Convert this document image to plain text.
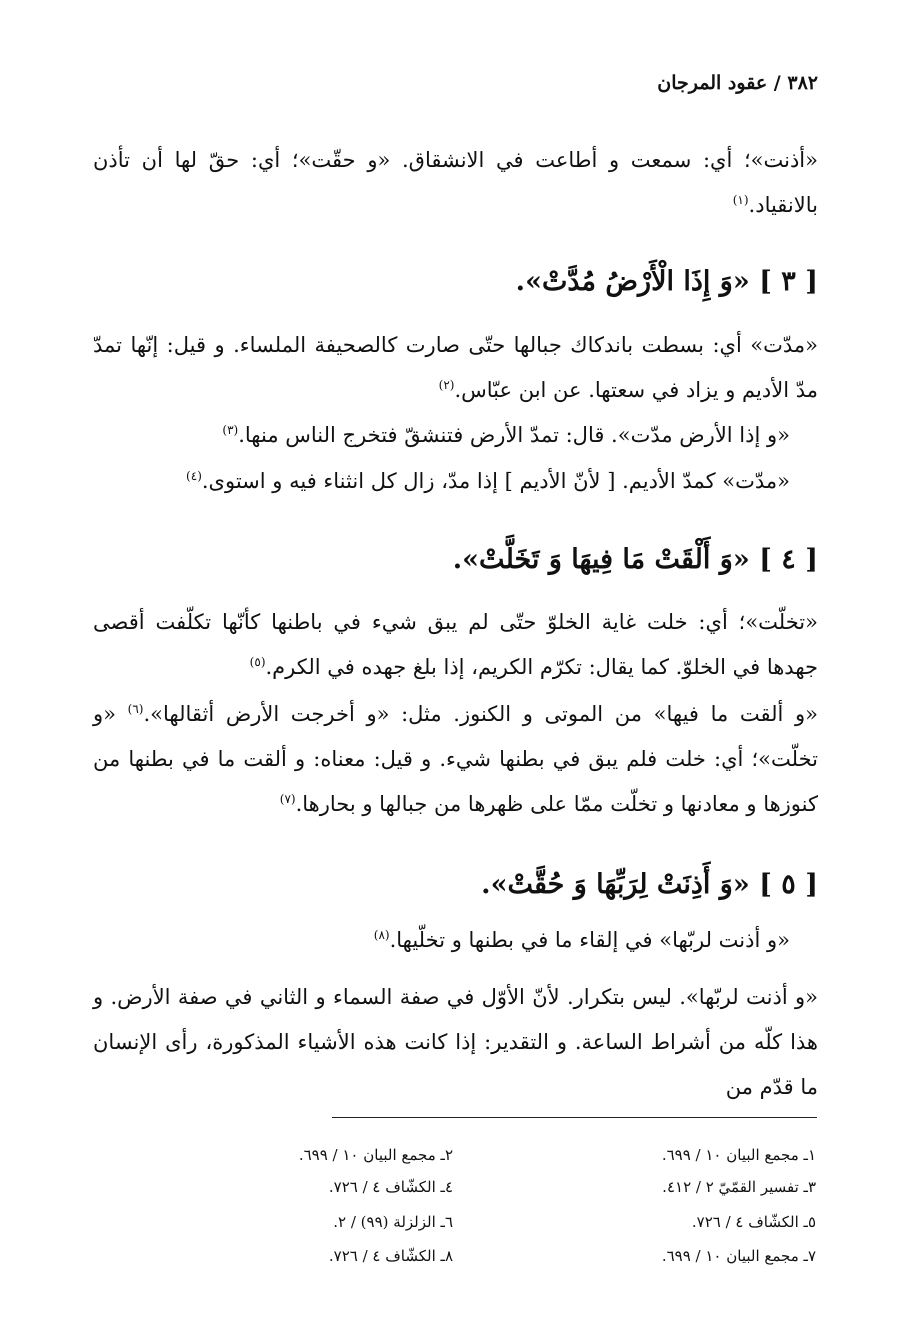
٣٨٢ / عقود المرجان

«أذنت»؛ أي: سمعت و أطاعت في الانشقاق. «و حقّت»؛ أي: حقّ لها أن تأذن بالانقياد.$^{(١)}$

[ ٣ ] «وَ إِذَا الْأَرْضُ مُدَّتْ».

«مدّت» أي: بسطت باندكاك جبالها حتّى صارت كالصحيفة الملساء. و قيل: إنّها تمدّ مدّ الأديم و يزاد في سعتها. عن ابن عبّاس.$^{(٢)}$

«و إذا الأرض مدّت». قال: تمدّ الأرض فتنشقّ فتخرج الناس منها.$^{(٣)}$

«مدّت» كمدّ الأديم. [ لأنّ الأديم ] إذا مدّ، زال كل انثناء فيه و استوى.$^{(٤)}$

[ ٤ ] «وَ أَلْقَتْ مَا فِيهَا وَ تَخَلَّتْ».

«تخلّت»؛ أي: خلت غاية الخلوّ حتّى لم يبق شيء في باطنها كأنّها تكلّفت أقصى جهدها في الخلوّ. كما يقال: تكرّم الكريم، إذا بلغ جهده في الكرم.$^{(٥)}$

«و ألقت ما فيها» من الموتى و الكنوز. مثل: «و أخرجت الأرض أثقالها».$^{(٦)}$ «و تخلّت»؛ أي: خلت فلم يبق في بطنها شيء. و قيل: معناه: و ألقت ما في بطنها من كنوزها و معادنها و تخلّت ممّا على ظهرها من جبالها و بحارها.$^{(٧)}$

[ ٥ ] «وَ أَذِنَتْ لِرَبِّهَا وَ حُقَّتْ».

«و أذنت لربّها» في إلقاء ما في بطنها و تخلّيها.$^{(٨)}$

«و أذنت لربّها». ليس بتكرار. لأنّ الأوّل في صفة السماء و الثاني في صفة الأرض. و هذا كلّه من أشراط الساعة. و التقدير: إذا كانت هذه الأشياء المذكورة، رأى الإنسان ما قدّم من

١ـ مجمع البيان ١٠ / ٦٩٩.
٢ـ مجمع البيان ١٠ / ٦٩٩.
٣ـ تفسير القمّيّ ٢ / ٤١٢.
٤ـ الكشّاف ٤ / ٧٢٦.
٥ـ الكشّاف ٤ / ٧٢٦.
٦ـ الزلزلة (٩٩) / ٢.
٧ـ مجمع البيان ١٠ / ٦٩٩.
٨ـ الكشّاف ٤ / ٧٢٦.
